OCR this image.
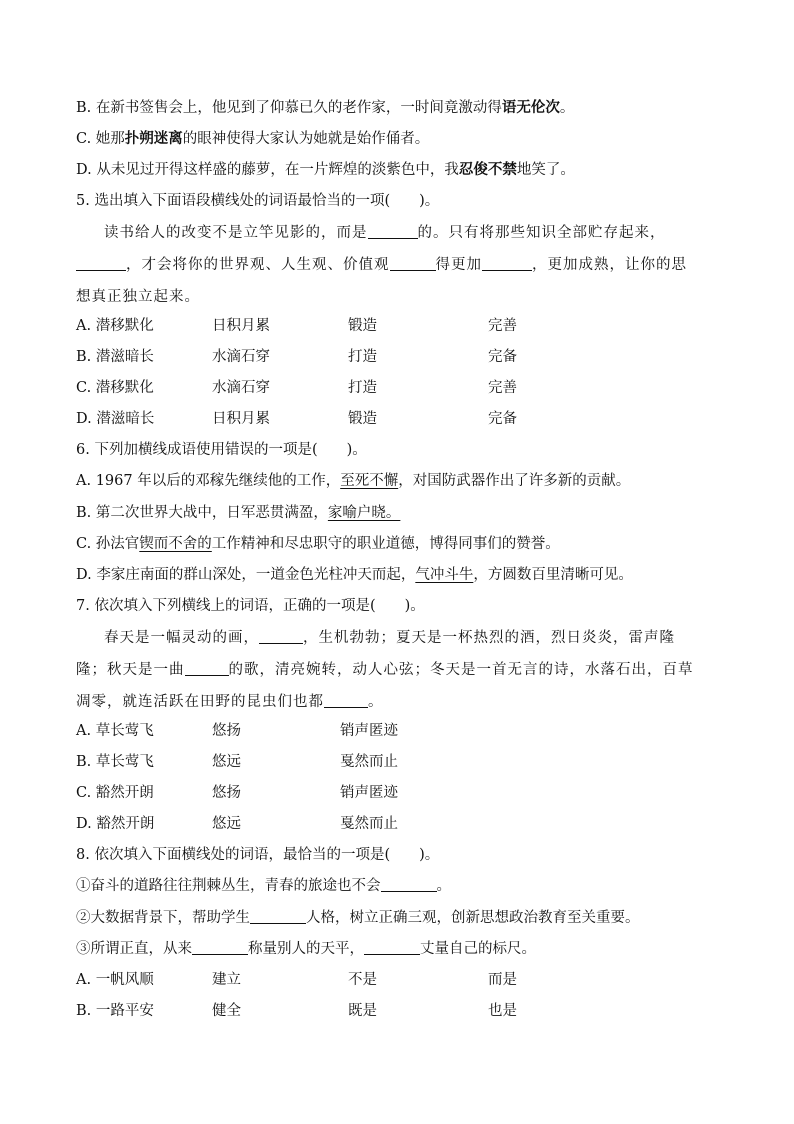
B. 在新书签售会上，他见到了仰慕已久的老作家，一时间竟激动得语无伦次。
C. 她那扑朔迷离的眼神使得大家认为她就是始作俑者。
D. 从未见过开得这样盛的藤萝，在一片辉煌的淡紫色中，我忍俊不禁地笑了。
5. 选出填入下面语段横线处的词语最恰当的一项(　　)。
读书给人的改变不是立竿见影的，而是	的。只有将那些知识全部贮存起来，
，才会将你的世界观、人生观、价值观	得更加	，更加成熟，让你的思
想真正独立起来。
A. 潜移默化	日积月累	锻造	完善
B. 潜滋暗长	水滴石穿	打造	完备
C. 潜移默化	水滴石穿	打造	完善
D. 潜滋暗长	日积月累	锻造	完备
6. 下列加横线成语使用错误的一项是(　　)。
A. 1967 年以后的邓稼先继续他的工作，至死不懈，对国防武器作出了许多新的贡献。
B. 第二次世界大战中，日军恶贯满盈，家喻户晓。
C. 孙法官锲而不舍的工作精神和尽忠职守的职业道德，博得同事们的赞誉。
D. 李家庄南面的群山深处，一道金色光柱冲天而起，气冲斗牛，方圆数百里清晰可见。
7. 依次填入下列横线上的词语，正确的一项是(　　)。
春天是一幅灵动的画，	，生机勃勃；夏天是一杯热烈的酒，烈日炎炎，雷声隆
隆；秋天是一曲	的歌，清亮婉转，动人心弦；冬天是一首无言的诗，水落石出，百草
凋零，就连活跃在田野的昆虫们也都	。
A. 草长莺飞	悠扬	销声匿迹
B. 草长莺飞	悠远	戛然而止
C. 豁然开朗	悠扬	销声匿迹
D. 豁然开朗	悠远	戛然而止
8. 依次填入下面横线处的词语，最恰当的一项是(　　)。
①奋斗的道路往往荆棘丛生，青春的旅途也不会	。
②大数据背景下，帮助学生	人格，树立正确三观，创新思想政治教育至关重要。
③所谓正直，从来	称量别人的天平，	丈量自己的标尺。
A. 一帆风顺	建立	不是	而是
B. 一路平安	健全	既是	也是
